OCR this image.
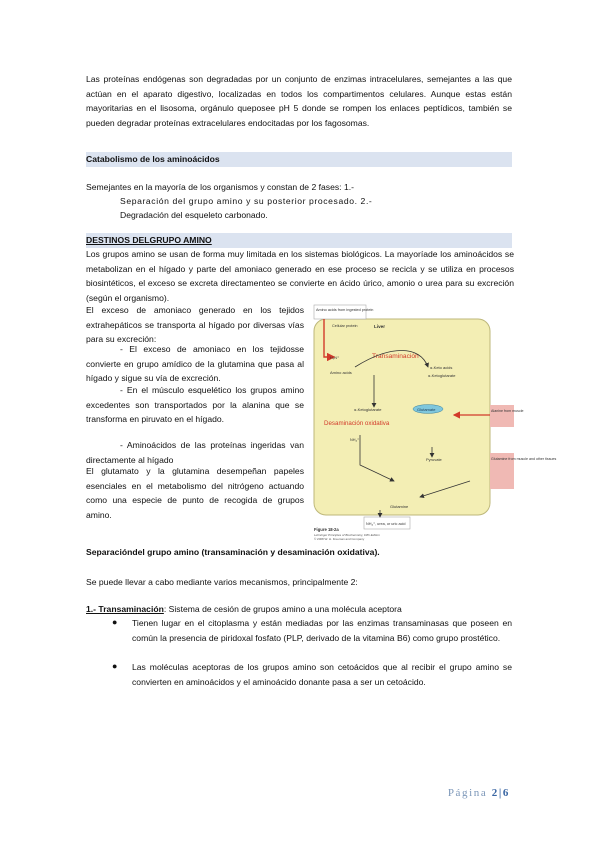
Las proteínas endógenas son degradadas por un conjunto de enzimas intracelulares, semejantes a las que actúan en el aparato digestivo, localizadas en todos los compartimentos celulares. Aunque estas están mayoritarias en el lisosoma, orgánulo queposee pH 5 donde se rompen los enlaces peptídicos, también se pueden degradar proteínas extracelulares endocitadas por los fagosomas.

Catabolismo de los aminoácidos

Semejantes en la mayoría de los organismos y constan de 2 fases: 1.-

Separación del grupo amino y su posterior procesado. 2.-

Degradación del esqueleto carbonado.

DESTINOS DELGRUPO AMINO

Los grupos amino se usan de forma muy limitada en los sistemas biológicos. La mayoríade los aminoácidos se metabolizan en el hígado y parte del amoniaco generado en ese proceso se recicla y se utiliza en procesos biosintéticos, el exceso se excreta directamenteo se convierte en ácido úrico, amonio o urea para su excreción (según el organismo).

El exceso de amoniaco generado en los tejidos extrahepáticos se transporta al hígado por diversas vías para su excreción:

- El exceso de amoniaco en los tejidosse convierte en grupo amídico de la glutamina que pasa al hígado y sigue su vía de excreción.

- En el músculo esquelético los grupos amino excedentes son transportados por la alanina que se transforma en piruvato en el hígado.

- Aminoácidos de las proteínas ingeridas van directamente al hígado

El glutamato y la glutamina desempeñan papeles esenciales en el metabolismo del nitrógeno actuando como una especie de punto de recogida de grupos amino.

Amino acids from ingested protein
Liver
Cellular protein
H₃N⁺	Transaminación
Amino acids
α-Keto acids
α-Ketoglutarate
α-Ketoglutarate	Glutamate
Desaminación oxidativa
NH₄⁺
Pyruvate
Glutamine
Alanine from muscle
Glutamine from muscle and other tissues
NH₄⁺, urea, or uric acid
Figure 18-2a
Lehninger Principles of Biochemistry, Fifth Edition
© 2008 W. H. Freeman and Company
Separacióndel grupo amino (transaminación y desaminación oxidativa).

Se puede llevar a cabo mediante varios mecanismos, principalmente 2:

1.- Transaminación: Sistema de cesión de grupos amino a una molécula aceptora
● Tienen lugar en el citoplasma y están mediadas por las enzimas transaminasas que poseen en común la presencia de piridoxal fosfato (PLP, derivado de la vitamina B6) como grupo prostético.

● Las moléculas aceptoras de los grupos amino son cetoácidos que al recibir el grupo amino se convierten en aminoácidos y el aminoácido donante pasa a ser un cetoácido.

Página 2|6
